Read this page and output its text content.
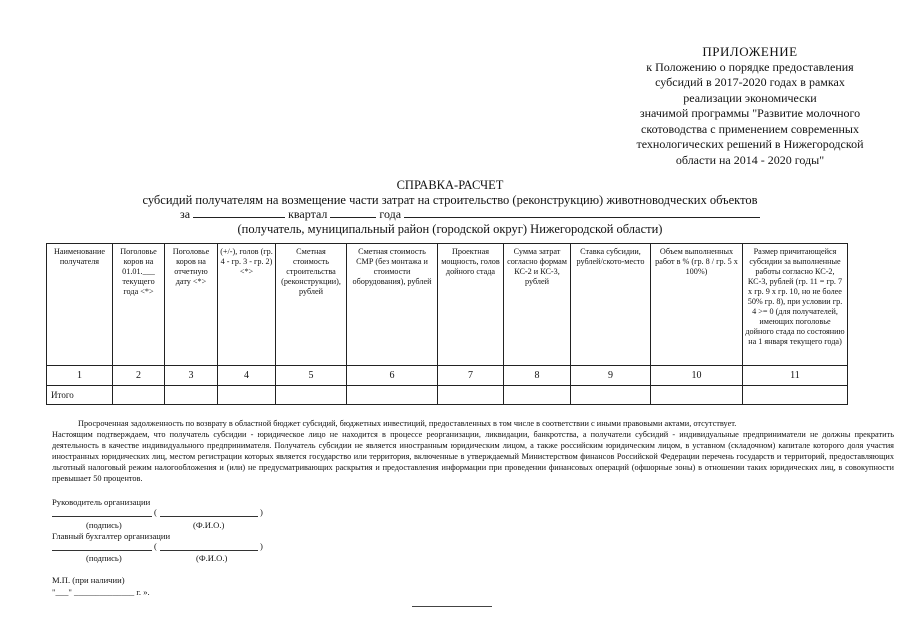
ПРИЛОЖЕНИЕ
к Положению о порядке предоставления
субсидий в 2017-2020 годах в рамках
реализации экономически
значимой программы "Развитие молочного
скотоводства с применением современных
технологических решений в Нижегородской
области на 2014 - 2020 годы"
СПРАВКА-РАСЧЕТ
субсидий получателям на возмещение части затрат на строительство (реконструкцию) животноводческих объектов
за	квартал	года
(получатель, муниципальный район (городской округ) Нижегородской области)
Наименование получателя	Поголовье коров на 01.01.___ текущего года <*>	Поголовье коров на отчетную дату <*>	(+/-), голов (гр. 4 - гр. 3 - гр. 2) <*>	Сметная стоимость строительства (реконструкции), рублей	Сметная стоимость СМР (без монтажа и стоимости оборудования), рублей	Проектная мощность, голов дойного стада	Сумма затрат согласно формам КС-2 и КС-3, рублей	Ставка субсидии, рублей/ското-место	Объем выполненных работ в % (гр. 8 / гр. 5 x 100%)	Размер причитающейся субсидии за выполненные работы согласно КС-2, КС-3, рублей (гр. 11 = гр. 7 x гр. 9 x гр. 10, но не более 50% гр. 8), при условии гр. 4 >= 0 (для получателей, имеющих поголовье дойного стада по состоянию на 1 января текущего года)
1	2	3	4	5	6	7	8	9	10	11
Итого										

Просроченная задолженность по возврату в областной бюджет субсидий, бюджетных инвестиций, предоставленных в том числе в соответствии с иными правовыми актами, отсутствует.

Настоящим подтверждаем, что получатель субсидии - юридическое лицо не находится в процессе реорганизации, ликвидации, банкротства, а получатели субсидий - индивидуальные предприниматели не должны прекратить деятельность в качестве индивидуального предпринимателя. Получатель субсидии не является иностранным юридическим лицом, а также российским юридическим лицом, в уставном (складочном) капитале которого доля участия иностранных юридических лиц, местом регистрации которых является государство или территория, включенные в утверждаемый Министерством финансов Российской Федерации перечень государств и территорий, предоставляющих льготный налоговый режим налогообложения и (или) не предусматривающих раскрытия и предоставления информации при проведении финансовых операций (офшорные зоны) в отношении таких юридических лиц, в совокупности превышает 50 процентов.

Руководитель организации
(	)
(подпись)	(Ф.И.О.)
Главный бухгалтер организации
(	)
(подпись)	(Ф.И.О.)
М.П. (при наличии)
"___" ______________ г. ».
